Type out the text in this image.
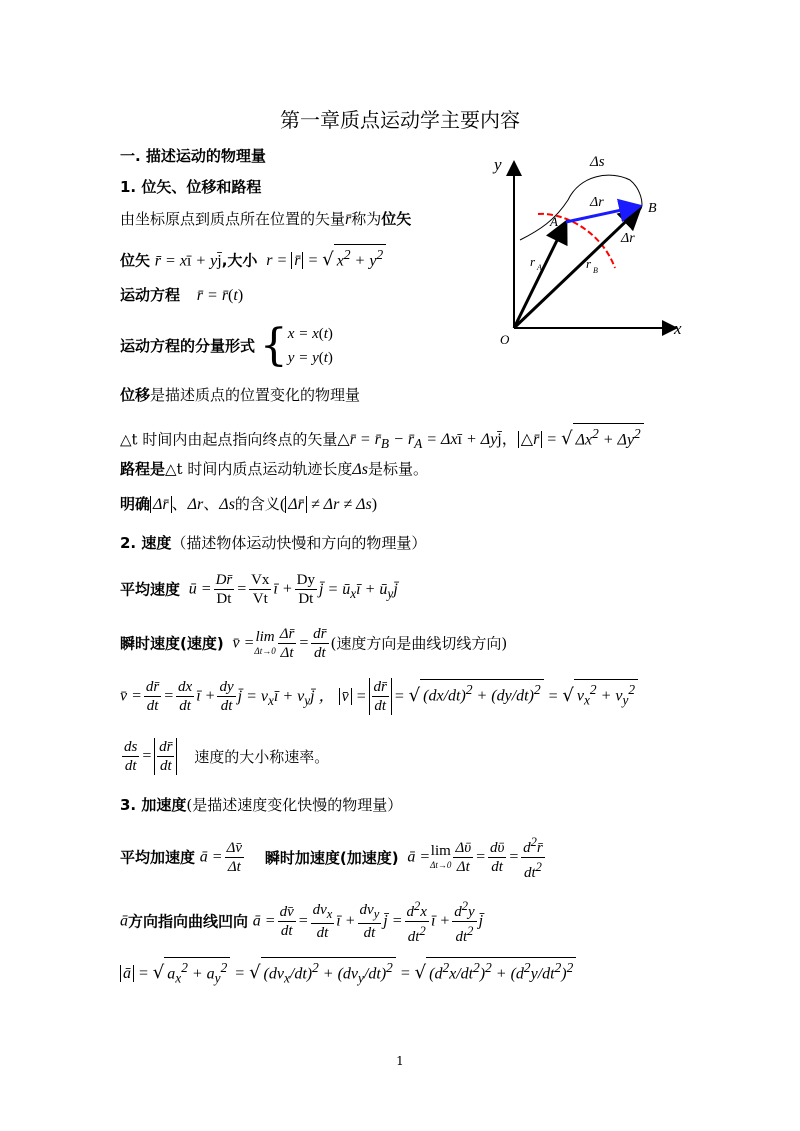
第一章质点运动学主要内容
一. 描述运动的物理量
1. 位矢、位移和路程
由坐标原点到质点所在位置的矢量r̄称为位矢
位矢 r̄ = xī + yj̄,大小  r = r̄ = √ $x^2 + y^2$
运动方程    r̄ = r̄(t)
运动方程的分量形式 { x = x(t)
y = y(t)
位移是描述质点的位置变化的物理量
△t 时间内由起点指向终点的矢量△r̄ = $r̄_B$ − $r̄_A$ = Δxī + Δyj̄， △r̄ = √ $\Delta x^2 + \Delta y^2$
路程是△t 时间内质点运动轨迹长度Δs是标量。
明确 Δr̄ 、Δr、Δs的含义( Δr̄ ≠ Δr ≠ Δs)
2. 速度（描述物体运动快慢和方向的物理量）
平均速度  ū = $\frac{Dr̄}{Dt} = \frac{Vx}{Vt}$ ī + $\frac{Dy}{Dt}$ j̄ = $ū_xī$ + $ū_yj̄$
瞬时速度(速度)  v̄ = lim
$\Delta t\to 0 \frac{\Delta r̄}{\Delta t} = \frac{dr̄}{dt}$ (速度方向是曲线切线方向)
v̄ = $\frac{dr̄}{dt} = \frac{dx}{dt}$ ī + $\frac{dy}{dt}$ j̄ = $v_xī$ + $v_yj̄$ ， v̄ = $\frac{dr̄}{dt}$ = √ $(dx/dt)^2 + (dy/dt)^2$ = √ $v_x^2 + v_y^2$
$\frac{ds}{dt} = \frac{dr̄}{dt}$ 速度的大小称速率。
3. 加速度(是描述速度变化快慢的物理量）
平均加速度 ā = $\frac{\Delta v̄}{\Delta t}$ 瞬时加速度(加速度)  ā = lim
$\Delta t\to 0 \frac{\text{Δῡ}}{\Delta t} = \frac{\text{dῡ}}{dt} = \frac{d^2r̄}{dt^2}$
ā方向指向曲线凹向 ā = $\frac{dv̄}{dt} = \frac{dv_x}{dt}$ ī + $\frac{dv_y}{dt}$ j̄ = $\frac{d^2x}{dt^2}$ ī + $\frac{d^2y}{dt^2}$ j̄
ā = √ $a_x^2 + a_y^2$ = √ $(dv_x/dt)^2 + (dv_y/dt)^2$ = √ $(d^2x/dt^2)^2 + (d^2y/dt^2)^2$
y
x
O
Δs
Δr
Δr
A
B
r A	r B
1
